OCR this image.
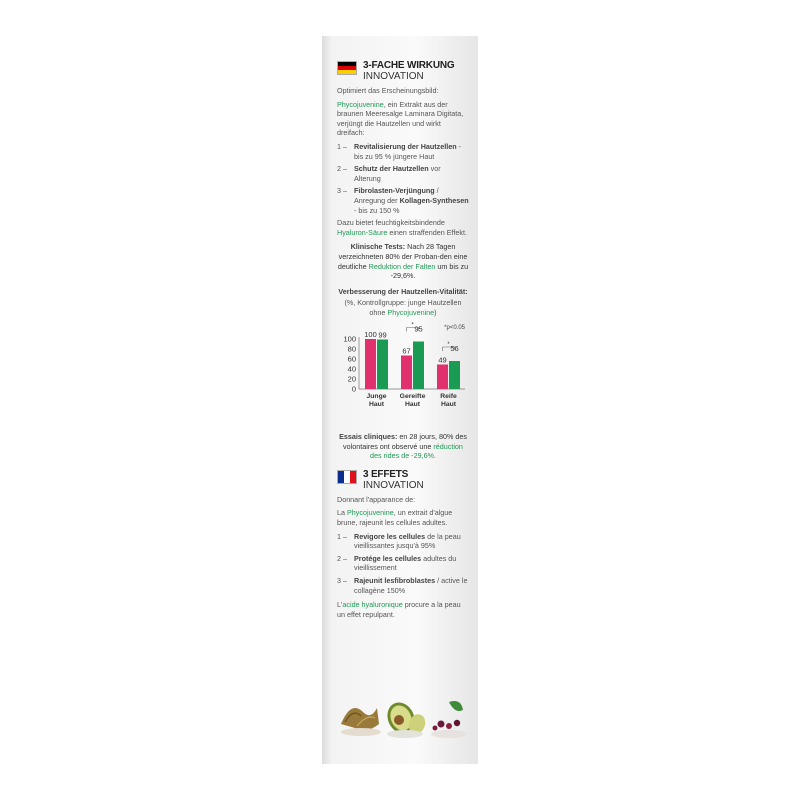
3-FACHE WIRKUNG
INNOVATION

Optimiert das Erscheinungsbild:

Phycojuvenine, ein Extrakt aus der braunen Meeresalge Laminara Digitata, verjüngt die Hautzellen und wirkt dreifach:

1 – Revitalisierung der Hautzellen - bis zu 95 % jüngere Haut
2 – Schutz der Hautzellen vor Alterung
3 – Fibrolasten-Verjüngung / Anregung der Kollagen-Synthesen - bis zu 150 %

Dazu bietet feuchtigkeitsbindende Hyaluron-Säure einen straffenden Effekt.

Klinische Tests: Nach 28 Tagen verzeichneten 80% der Proban-den eine deutliche Reduktion der Falten um bis zu -29,6%.

Verbesserung der Hautzellen-Vitalität:

(%, Kontrollgruppe: junge Hautzellen ohne Phycojuvenine)

0
20
40
60
80
100 100 99
Junge
Haut
67
95
Gereifte
Haut
*
49
56
Reife
Haut
*
*p<0.05

Essais cliniques: en 28 jours, 80% des volontaires ont observé une réduction des rides de -29,6%.

3 EFFETS
INNOVATION

Donnant l'apparance de:

La Phycojuvenine, un extrait d'algue brune, rajeunit les cellules adultes.

1 – Revigore les cellules de la peau vieillissantes jusqu'à 95%
2 – Protége les cellules adultes du vieillissement
3 – Rajeunit lesfibroblastes / active le collagène 150%

L'acide hyaluronique procure a la peau un effet repulpant.
